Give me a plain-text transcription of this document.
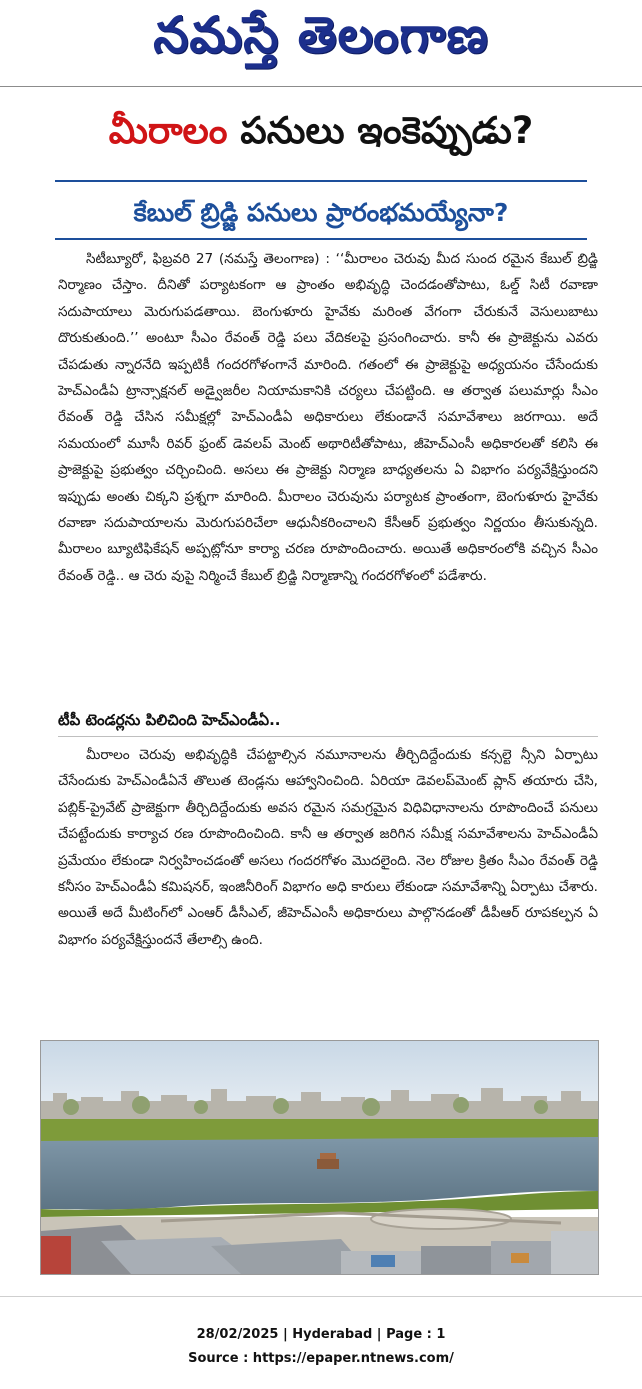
నమస్తే తెలంగాణ
మీరాలం పనులు ఇంకెప్పుడు?
కేబుల్ బ్రిడ్జి పనులు ప్రారంభమయ్యేనా?

సిటీబ్యూరో, ఫిబ్రవరి 27 (నమస్తే తెలంగాణ) : ‘‘మీరాలం చెరువు మీద సుంద రమైన కేబుల్ బ్రిడ్జి నిర్మాణం చేస్తాం. దీనితో పర్యాటకంగా ఆ ప్రాంతం అభివృద్ధి చెందడంతోపాటు, ఓల్డ్ సిటీ రవాణా సదుపాయాలు మెరుగుపడతాయి. బెంగుళూరు హైవేకు మరింత వేగంగా చేరుకునే వెసులుబాటు దొరుకుతుంది.’’ అంటూ సీఎం రేవంత్ రెడ్డి పలు వేదికలపై ప్రసంగించారు. కానీ ఈ ప్రాజెక్టును ఎవరు చేపడుతు న్నారనేది ఇప్పటికీ గందరగోళంగానే మారింది. గతంలో ఈ ప్రాజెక్టుపై అధ్యయనం చేసేందుకు హెచ్ఎండీఏ ట్రాన్సాక్షనల్ అడ్వైజరీల నియామకానికి చర్యలు చేపట్టింది. ఆ తర్వాత పలుమార్లు సీఎం రేవంత్ రెడ్డి చేసిన సమీక్షల్లో హెచ్ఎండీఏ అధికారులు లేకుండానే సమావేశాలు జరగాయి. అదే సమయంలో మూసీ రివర్ ఫ్రంట్ డెవలప్ మెంట్ అథారిటీతోపాటు, జీహెచ్ఎంసీ అధికారలతో కలిసి ఈ ప్రాజెక్టుపై ప్రభుత్వం చర్చించింది. అసలు ఈ ప్రాజెక్టు నిర్మాణ బాధ్యతలను ఏ విభాగం పర్యవేక్షిస్తుందని ఇప్పుడు అంతు చిక్కని ప్రశ్నగా మారింది. మీరాలం చెరువును పర్యాటక ప్రాంతంగా, బెంగుళూరు హైవేకు రవాణా సదుపాయాలను మెరుగుపరిచేలా ఆధునీకరించాలని కేసీఆర్ ప్రభుత్వం నిర్ణయం తీసుకున్నది. మీరాలం బ్యూటిఫికేషన్ అప్పట్లోనూ కార్యా చరణ రూపొందించారు. అయితే అధికారంలోకి వచ్చిన సీఎం రేవంత్ రెడ్డి.. ఆ చెరు వుపై నిర్మించే కేబుల్ బ్రిడ్జి నిర్మాణాన్ని గందరగోళంలో పడేశారు.

టీపీ టెండర్లను పిలిచింది హెచ్ఎండీఏ..

మీరాలం చెరువు అభివృద్ధికి చేపట్టాల్సిన నమూనాలను తీర్చిదిద్దేందుకు కన్సల్టె న్సీని ఏర్పాటు చేసేందుకు హెచ్ఎండీఏనే తొలుత టెండ్లను ఆహ్వానించింది. ఏరియా డెవలప్‌మెంట్ ప్లాన్ తయారు చేసి, పబ్లిక్-ప్రైవేట్ ప్రాజెక్టుగా తీర్చిదిద్దేందుకు అవస రమైన సమగ్రమైన విధివిధానాలను రూపొందించే పనులు చేపట్టేందుకు కార్యాచ రణ రూపొందించింది. కానీ ఆ తర్వాత జరిగిన సమీక్ష సమావేశాలను హెచ్ఎండీఏ ప్రమేయం లేకుండా నిర్వహించడంతో అసలు గందరగోళం మొదలైంది. నెల రోజుల క్రితం సీఎం రేవంత్ రెడ్డి కనీసం హెచ్ఎండీఏ కమిషనర్, ఇంజినీరింగ్ విభాగం అధి కారులు లేకుండా సమావేశాన్ని ఏర్పాటు చేశారు. అయితే అదే మీటింగ్‌లో ఎంఆర్ డీసీఎల్, జీహెచ్ఎంసీ అధికారులు పాల్గొనడంతో డీపీఆర్ రూపకల్పన ఏ విభాగం పర్యవేక్షిస్తుందనే తేలాల్సి ఉంది.

28/02/2025 | Hyderabad | Page : 1
Source : https://epaper.ntnews.com/
